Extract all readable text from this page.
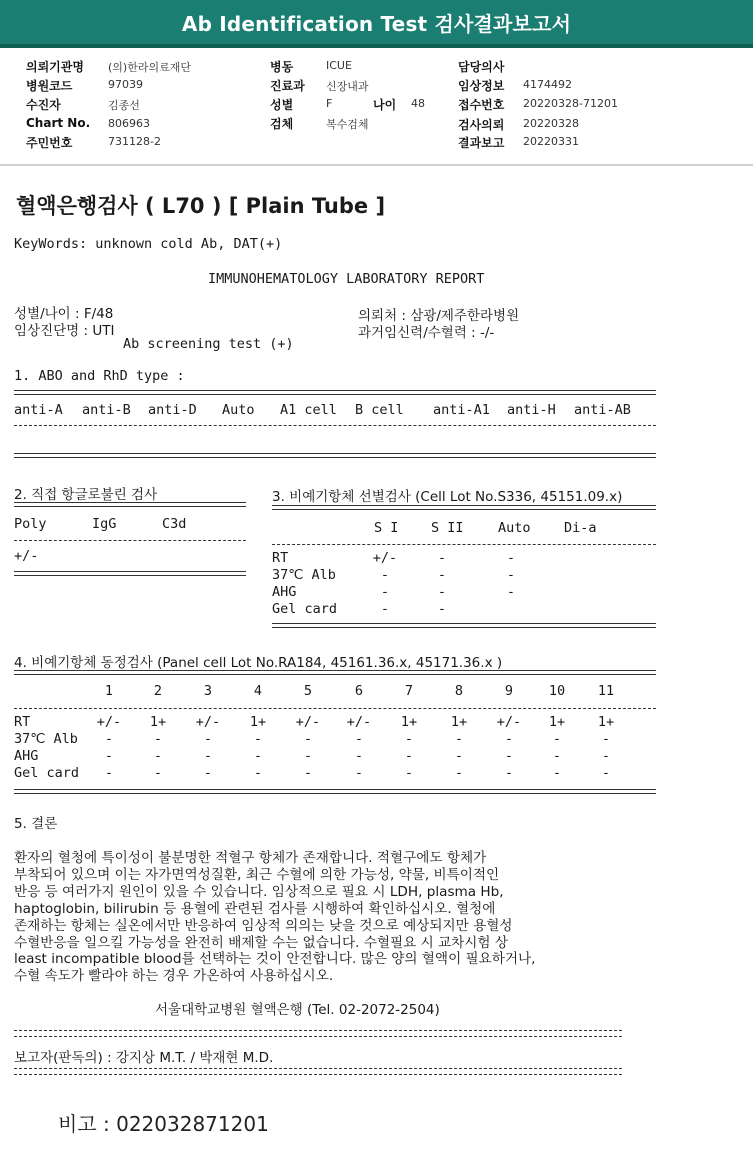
Ab Identification Test 검사결과보고서
의뢰기관명 (의)한라의료재단
병원코드	97039
수진자	김종선
Chart No. 806963
주민번호	731128-2
병동	ICUE
진료과 신장내과
성별	F	나이 48
검체	복수검체
담당의사
임상정보 4174492
접수번호 20220328-71201
검사의뢰 20220328
결과보고 20220331
혈액은행검사 ( L70 ) [ Plain Tube ]
KeyWords: unknown cold Ab, DAT(+)
IMMUNOHEMATOLOGY LABORATORY REPORT
성별/나이 : F/48
임상진단명 : UTI
Ab screening test (+)
의뢰처 : 삼광/제주한라병원
과거임신력/수혈력 : -/-
1. ABO and RhD type :
anti-A anti-B anti-D Auto A1 cell B cell anti-A1 anti-H anti-AB
2. 직접 항글로불린 검사
Poly	IgG	C3d
+/-
3. 비예기항체 선별검사 (Cell Lot No.S336, 45151.09.x)
S I S II	Auto Di-a
RT	+/-	-	-
37℃ Alb	-	-	-
AHG	-	-	-
Gel card	-	-
4. 비예기항체 동정검사 (Panel cell Lot No.RA184, 45161.36.x, 45171.36.x )
1	2	3	4	5	6	7	8	9	10	11
RT	+/-	1+	+/-	1+	+/-	+/-	1+	1+	+/-	1+	1+
37℃ Alb	-	-	-	-	-	-	-	-	-	-	-
AHG	-	-	-	-	-	-	-	-	-	-	-
Gel card	-	-	-	-	-	-	-	-	-	-	-
5. 결론
환자의 혈청에 특이성이 불분명한 적혈구 항체가 존재합니다. 적혈구에도 항체가
부착되어 있으며 이는 자가면역성질환, 최근 수혈에 의한 가능성, 약물, 비특이적인
반응 등 여러가지 원인이 있을 수 있습니다. 임상적으로 필요 시 LDH, plasma Hb,
haptoglobin, bilirubin 등 용혈에 관련된 검사를 시행하여 확인하십시오. 혈청에
존재하는 항체는 실온에서만 반응하여 임상적 의의는 낮을 것으로 예상되지만 용혈성
수혈반응을 일으킬 가능성을 완전히 배제할 수는 없습니다. 수혈필요 시 교차시험 상
least incompatible blood를 선택하는 것이 안전합니다. 많은 양의 혈액이 필요하거나,
수혈 속도가 빨라야 하는 경우 가온하여 사용하십시오.
서울대학교병원 혈액은행 (Tel. 02-2072-2504)
보고자(판독의) : 강지상 M.T. / 박재현 M.D.
비고 : 022032871201
